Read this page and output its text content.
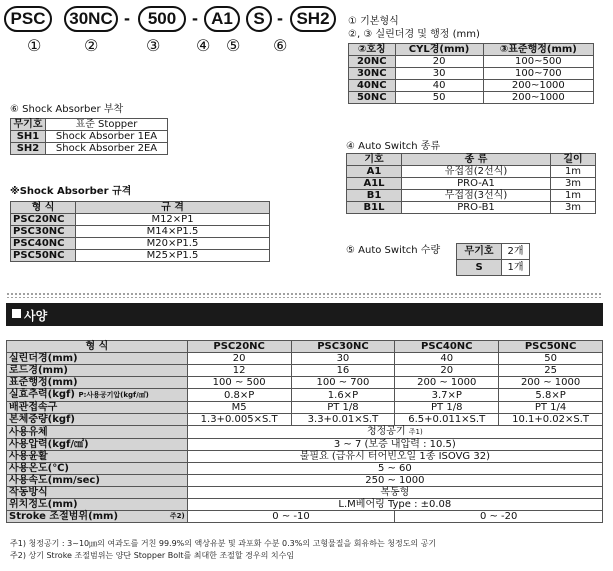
PSC	30NC -	500 - A1	S - SH2
①	②	③ ④ ⑤ ⑥
① 기본형식
②, ③ 실린더경 및 행정 (mm)
②호칭	CYL경(mm)	③표준행정(mm)
20NC	20	100~500
30NC	30	100~700
40NC	40	200~1000
50NC	50	200~1000
⑥ Shock Absorber 부착
무기호	표준 Stopper
SH1	Shock Absorber 1EA
SH2	Shock Absorber 2EA
※Shock Absorber 규격
형 식	규 격
PSC20NC	M12×P1
PSC30NC	M14×P1.5
PSC40NC	M20×P1.5
PSC50NC	M25×P1.5
④ Auto Switch 종류
기호	종 류	길이
A1	유접점(2선식)	1m
A1L	PRO-A1	3m
B1	무접점(3선식)	1m
B1L	PRO-B1	3m
⑤ Auto Switch 수량 무기호	2개
S	1개
사양
형 식	PSC20NC	PSC30NC	PSC40NC	PSC50NC
실린더경(mm)	20	30	40	50
로드경(mm)	12	16	20	25
표준행정(mm)	100 ~ 500	100 ~ 700	200 ~ 1000	200 ~ 1000
실효추력(kgf) P:사용공기압(kgf/㎠)	0.8×P	1.6×P	3.7×P	5.8×P
배관접속구	M5	PT 1/8	PT 1/8	PT 1/4
본체중량(kgf)	1.3+0.005×S.T	3.3+0.01×S.T	6.5+0.011×S.T	10.1+0.02×S.T
사용유체	청정공기 주1)			
사용압력(kgf/㎠)	3 ~ 7 (보증 내압력 : 10.5)			
사용윤활	불필요 (급유시 터어빈오일 1종 ISOVG 32)			
사용온도(℃)	5 ~ 60			
사용속도(mm/sec)	250 ~ 1000			
작동방식	복동형			
위치정도(mm)	L.M베어링 Type : ±0.08			
Stroke 조절범위(mm) 주2)	0 ~ -10		0 ~ -20	
주1) 청정공기 : 3~10㎛의 여과도를 거친 99.9%의 액상유분 및 과포화 수분 0.3%의 고형물질을 회유하는 청정도의 공기
주2) 상기 Stroke 조절범위는 양단 Stopper Bolt를 최대한 조절할 경우의 치수임
